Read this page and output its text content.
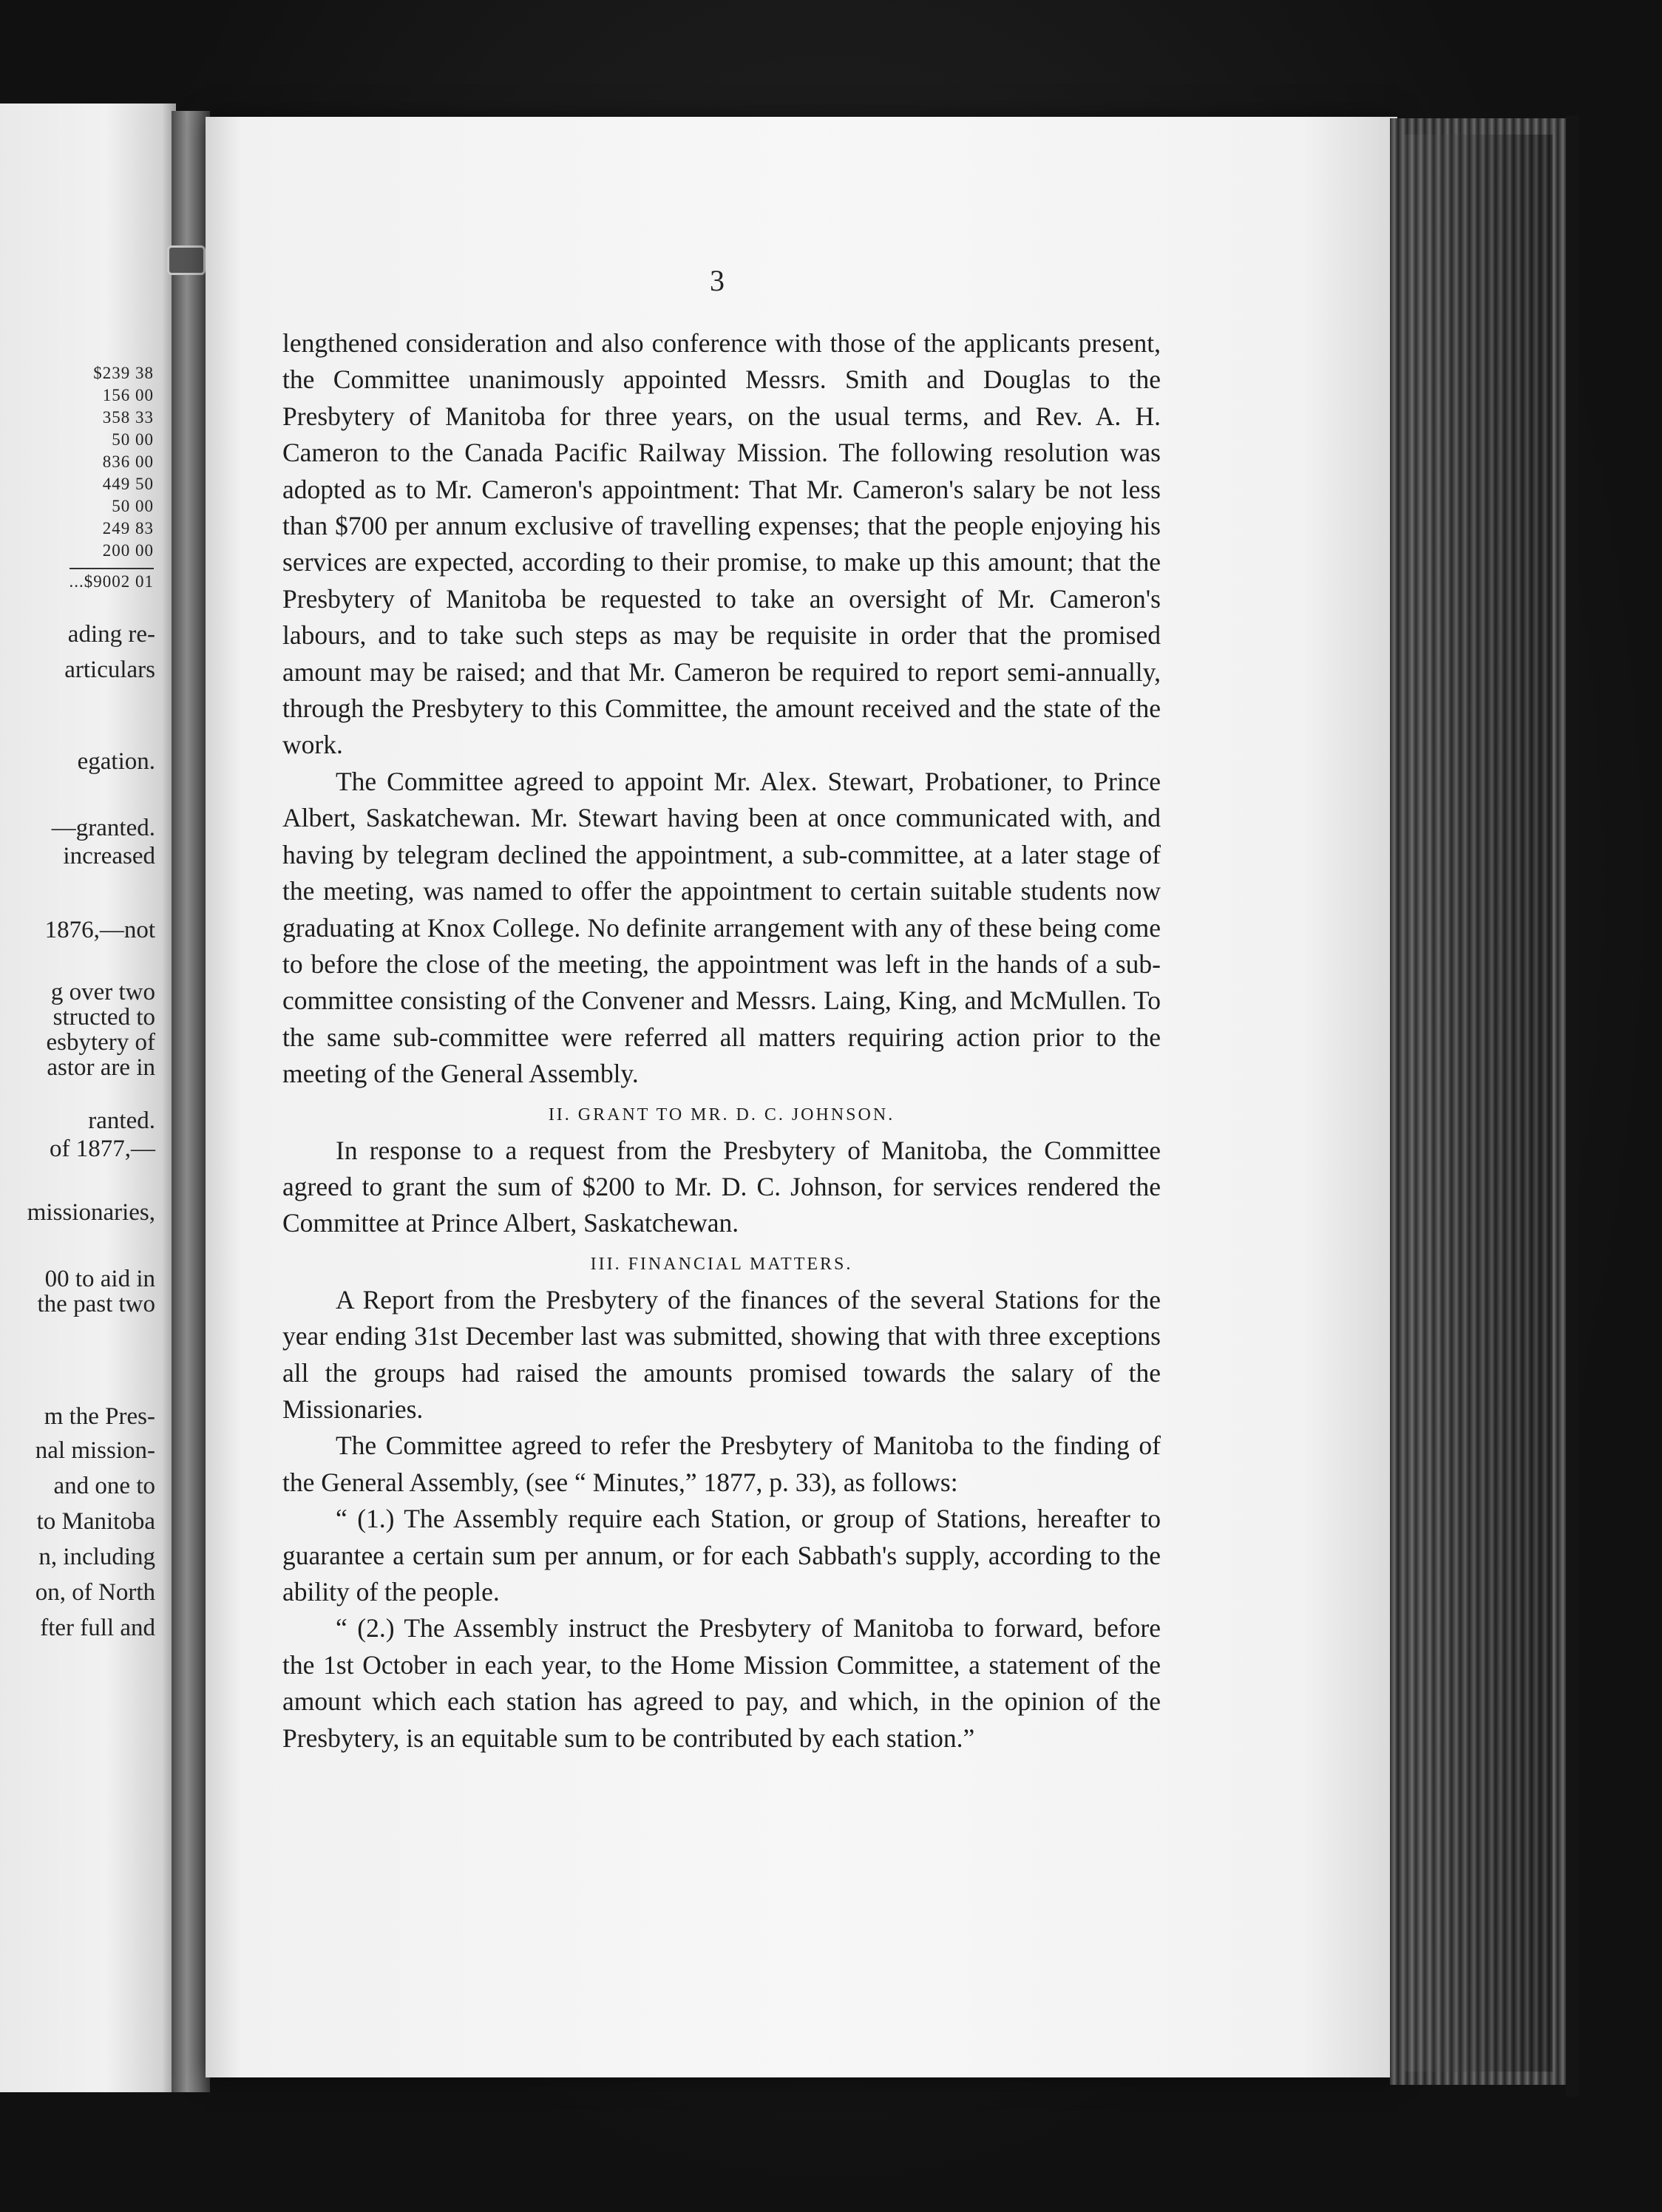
$239 38
156 00
358 33
50 00
836 00
449 50
50 00
249 83
200 00
...$9002 01
ading re-
articulars
egation.
—granted.
increased
1876,—not
g over two
structed to
esbytery of
astor are in
ranted.
of 1877,—
missionaries,
00 to aid in
the past two
m the Pres-
nal mission-
and one to
to Manitoba
n, including
on, of North
fter full and
3

lengthened consideration and also conference with those of the applicants present, the Committee unanimously appointed Messrs. Smith and Douglas to the Presbytery of Manitoba for three years, on the usual terms, and Rev. A. H. Cameron to the Canada Pacific Railway Mission. The following resolution was adopted as to Mr. Cameron's appointment: That Mr. Cameron's salary be not less than $700 per annum exclusive of travelling expenses; that the people enjoying his services are expected, according to their promise, to make up this amount; that the Presbytery of Manitoba be requested to take an oversight of Mr. Cameron's labours, and to take such steps as may be requisite in order that the promised amount may be raised; and that Mr. Cameron be required to report semi-annually, through the Presbytery to this Committee, the amount received and the state of the work.

The Committee agreed to appoint Mr. Alex. Stewart, Probationer, to Prince Albert, Saskatchewan. Mr. Stewart having been at once communicated with, and having by telegram declined the appointment, a sub-committee, at a later stage of the meeting, was named to offer the appointment to certain suitable students now graduating at Knox College. No definite arrangement with any of these being come to before the close of the meeting, the appointment was left in the hands of a sub-committee consisting of the Convener and Messrs. Laing, King, and McMullen. To the same sub-committee were referred all matters requiring action prior to the meeting of the General Assembly.

II. GRANT TO MR. D. C. JOHNSON.

In response to a request from the Presbytery of Manitoba, the Committee agreed to grant the sum of $200 to Mr. D. C. Johnson, for services rendered the Committee at Prince Albert, Saskatchewan.

III. FINANCIAL MATTERS.

A Report from the Presbytery of the finances of the several Stations for the year ending 31st December last was submitted, showing that with three exceptions all the groups had raised the amounts promised towards the salary of the Missionaries.

The Committee agreed to refer the Presbytery of Manitoba to the finding of the General Assembly, (see “ Minutes,” 1877, p. 33), as follows:

“ (1.) The Assembly require each Station, or group of Stations, hereafter to guarantee a certain sum per annum, or for each Sabbath's supply, according to the ability of the people.

“ (2.) The Assembly instruct the Presbytery of Manitoba to forward, before the 1st October in each year, to the Home Mission Committee, a statement of the amount which each station has agreed to pay, and which, in the opinion of the Presbytery, is an equitable sum to be contributed by each station.”
